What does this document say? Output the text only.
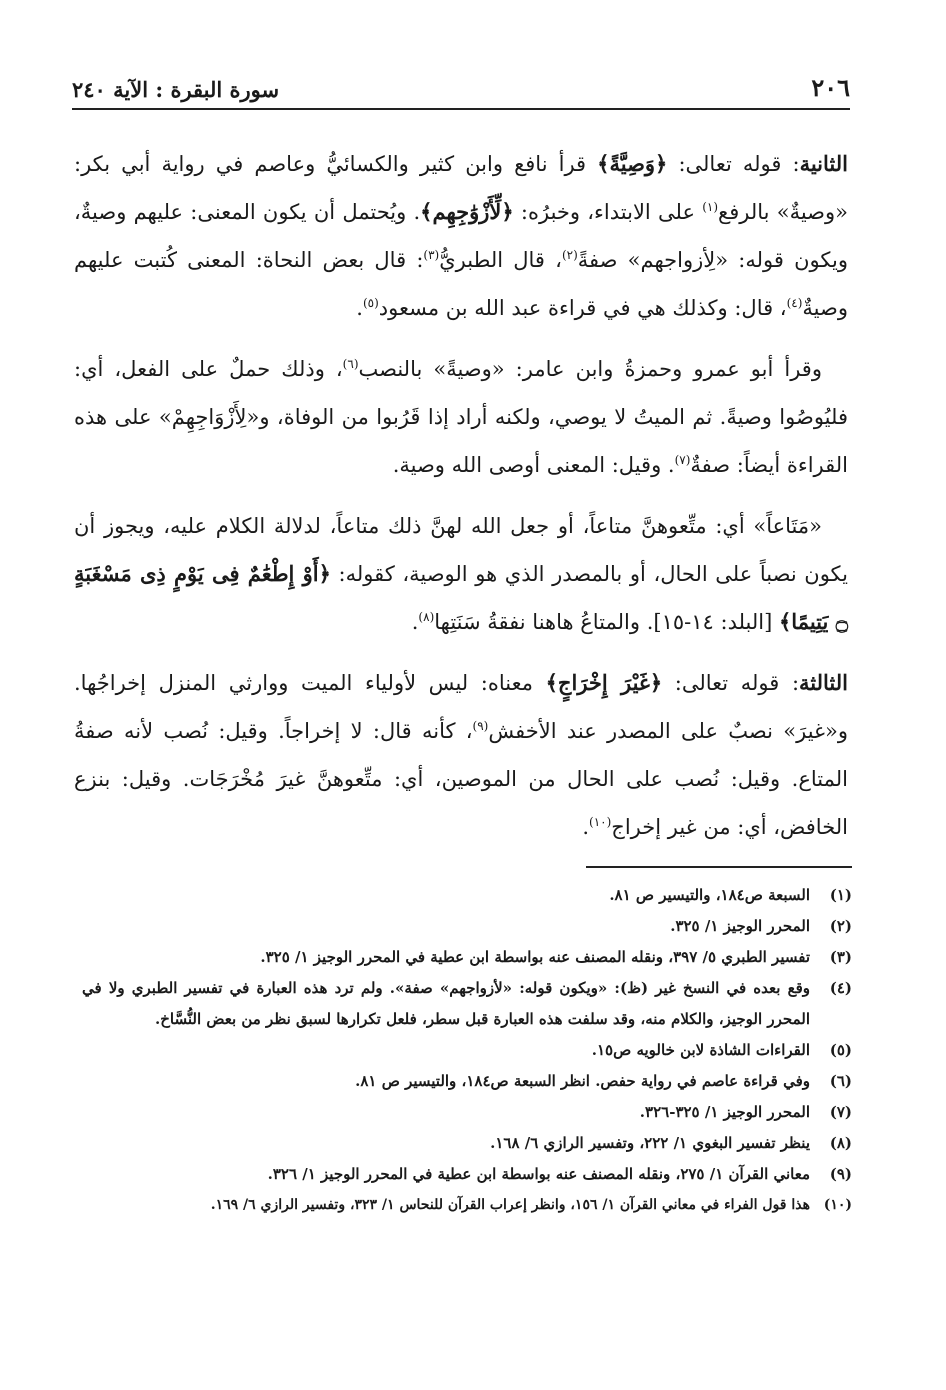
٢٠٦
سورة البقرة : الآية ٢٤٠

الثانية: قوله تعالى: ﴿وَصِيَّةً﴾ قرأ نافع وابن كثير والكسائيُّ وعاصم في رواية أبي بكر: «وصيةٌ» بالرفع$^{(١)}$ على الابتداء، وخبرُه: ﴿لِّأَزْوَٰجِهِم﴾. ويُحتمل أن يكون المعنى: عليهم وصيةٌ، ويكون قوله: «لِأزواجهم» صفةً$^{(٢)}$، قال الطبريُّ$^{(٣)}$: قال بعض النحاة: المعنى كُتبت عليهم وصيةٌ$^{(٤)}$، قال: وكذلك هي في قراءة عبد الله بن مسعود$^{(٥)}$.

وقرأ أبو عمرو وحمزةُ وابن عامر: «وصيةً» بالنصب$^{(٦)}$، وذلك حملٌ على الفعل، أي: فليُوصُوا وصيةً. ثم الميتُ لا يوصي، ولكنه أراد إذا قَرُبوا من الوفاة، و«لِأَزْوَاجِهِمْ» على هذه القراءة أيضاً: صفةٌ$^{(٧)}$. وقيل: المعنى أوصى الله وصية.

«مَتَاعاً» أي: متِّعوهنَّ متاعاً، أو جعل الله لهنَّ ذلك متاعاً، لدلالة الكلام عليه، ويجوز أن يكون نصباً على الحال، أو بالمصدر الذي هو الوصية، كقوله: ﴿أَوْ إِطْعَٰمٌ فِى يَوْمٍ ذِى مَسْغَبَةٍ ۝ يَتِيمًا﴾ [البلد: ١٤-١٥]. والمتاعُ هاهنا نفقةُ سَنَتِها$^{(٨)}$.

الثالثة: قوله تعالى: ﴿غَيْرَ إِخْرَاجٍ﴾ معناه: ليس لأولياء الميت ووارثي المنزل إخراجُها. و«غيرَ» نصبٌ على المصدر عند الأخفش$^{(٩)}$، كأنه قال: لا إخراجاً. وقيل: نُصب لأنه صفةُ المتاع. وقيل: نُصب على الحال من الموصين، أي: متِّعوهنَّ غيرَ مُخْرَجَات. وقيل: بنزع الخافض، أي: من غير إخراج$^{(١٠)}$.

(١)
السبعة ص١٨٤، والتيسير ص ٨١.
(٢)
المحرر الوجيز ١/ ٣٢٥.
(٣)
تفسير الطبري ٥/ ٣٩٧، ونقله المصنف عنه بواسطة ابن عطية في المحرر الوجيز ١/ ٣٢٥.
(٤)
وقع بعده في النسخ غير (ظ): «ويكون قوله: «لأزواجهم» صفة». ولم ترد هذه العبارة في تفسير الطبري ولا في المحرر الوجيز، والكلام منه، وقد سلفت هذه العبارة قبل سطر، فلعل تكرارها لسبق نظر من بعض النُّسَّاخ.
(٥)
القراءات الشاذة لابن خالويه ص١٥.
(٦)
وفي قراءة عاصم في رواية حفص. انظر السبعة ص١٨٤، والتيسير ص ٨١.
(٧)
المحرر الوجيز ١/ ٣٢٥-٣٢٦.
(٨)
ينظر تفسير البغوي ١/ ٢٢٢، وتفسير الرازي ٦/ ١٦٨.
(٩)
معاني القرآن ١/ ٢٧٥، ونقله المصنف عنه بواسطة ابن عطية في المحرر الوجيز ١/ ٣٢٦.
(١٠)
هذا قول الفراء في معاني القرآن ١/ ١٥٦، وانظر إعراب القرآن للنحاس ١/ ٣٢٣، وتفسير الرازي ٦/ ١٦٩.
